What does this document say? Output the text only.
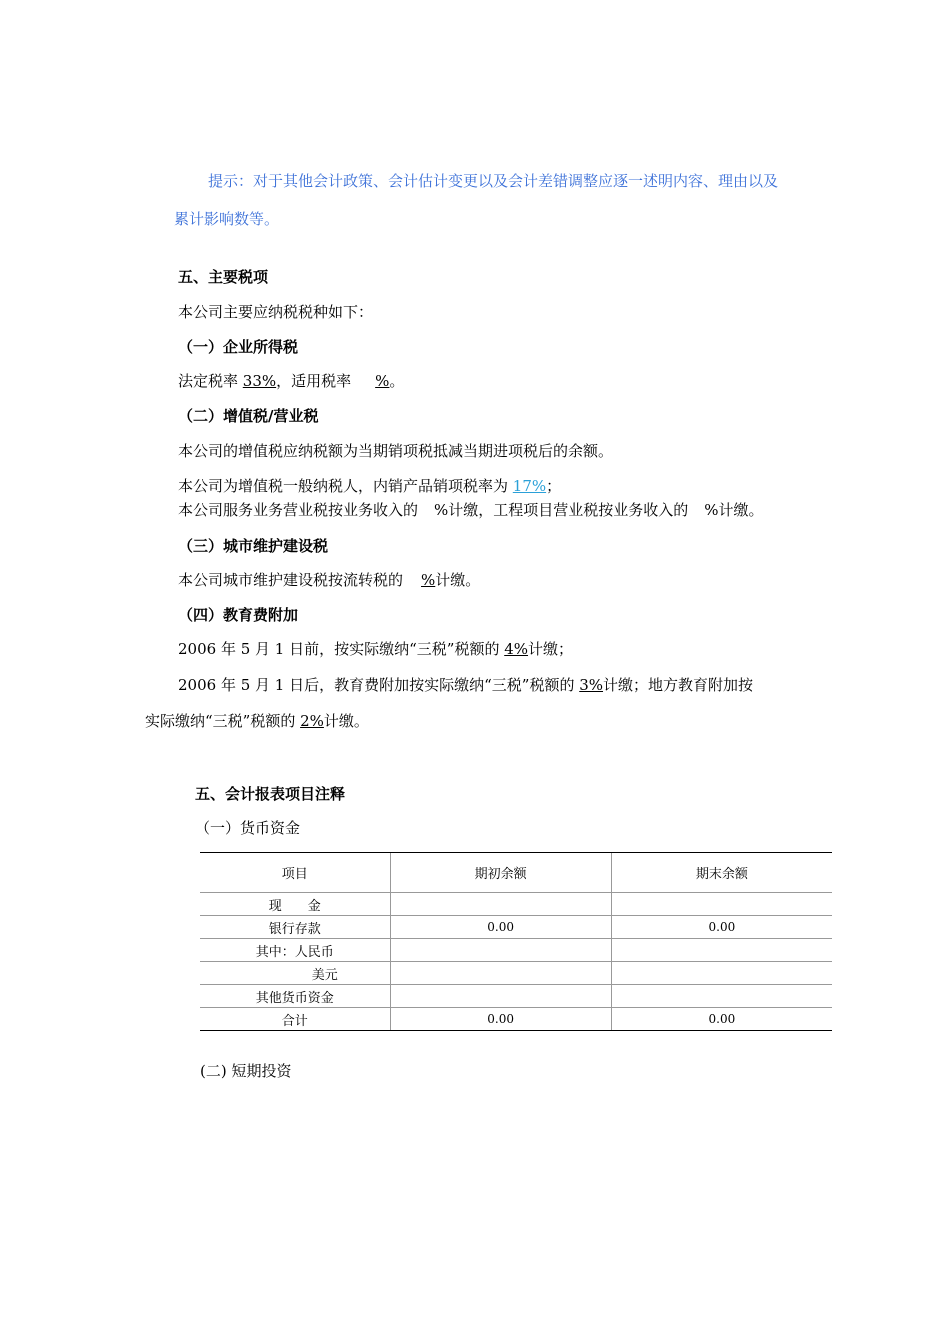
提示：对于其他会计政策、会计估计变更以及会计差错调整应逐一述明内容、理由以及
累计影响数等。
五、主要税项
本公司主要应纳税税种如下：
（一）企业所得税
法定税率 33%，适用税率 %。
（二）增值税/营业税
本公司的增值税应纳税额为当期销项税抵减当期进项税后的余额。
本公司为增值税一般纳税人，内销产品销项税率为 17%；
本公司服务业务营业税按业务收入的 %计缴，工程项目营业税按业务收入的 %计缴。
（三）城市维护建设税
本公司城市维护建设税按流转税的 %计缴。
（四）教育费附加
2006 年 5 月 1 日前，按实际缴纳“三税”税额的 4%计缴；
2006 年 5 月 1 日后，教育费附加按实际缴纳“三税”税额的 3%计缴；地方教育附加按
实际缴纳“三税”税额的 2%计缴。
五、会计报表项目注释
（一）货币资金
项目	期初余额	期末余额
现　　金		
银行存款	0.00	0.00
其中：人民币		
美元		
其他货币资金		
合计	0.00	0.00
(二) 短期投资
